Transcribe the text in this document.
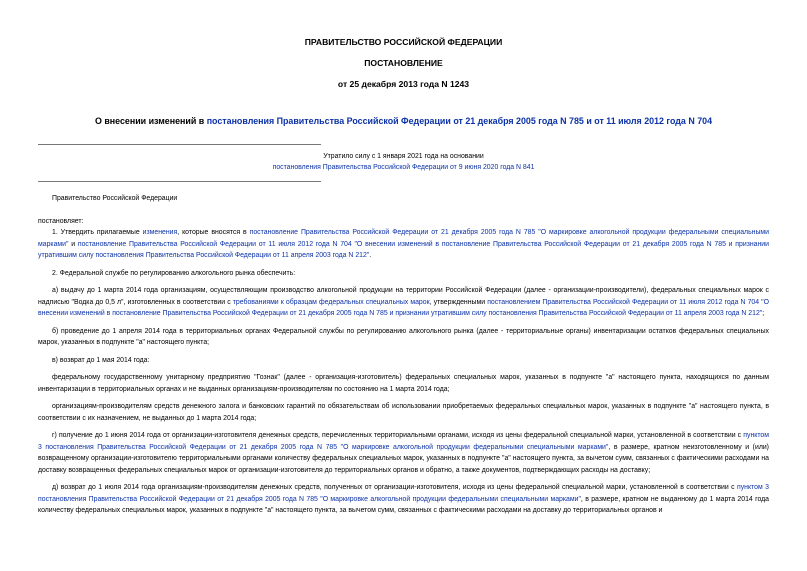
ПРАВИТЕЛЬСТВО РОССИЙСКОЙ ФЕДЕРАЦИИ
ПОСТАНОВЛЕНИЕ
от 25 декабря 2013 года N 1243
О внесении изменений в постановления Правительства Российской Федерации от 21 декабря 2005 года N 785 и от 11 июля 2012 года N 704
Утратило силу с 1 января 2021 года на основании
постановления Правительства Российской Федерации от 9 июня 2020 года N 841

Правительство Российской Федерации

постановляет:

1. Утвердить прилагаемые изменения, которые вносятся в постановление Правительства Российской Федерации от 21 декабря 2005 года N 785 "О маркировке алкогольной продукции федеральными специальными марками" и постановление Правительства Российской Федерации от 11 июля 2012 года N 704 "О внесении изменений в постановление Правительства Российской Федерации от 21 декабря 2005 года N 785 и признании утратившим силу постановления Правительства Российской Федерации от 11 апреля 2003 года N 212".

2. Федеральной службе по регулированию алкогольного рынка обеспечить:

а) выдачу до 1 марта 2014 года организациям, осуществляющим производство алкогольной продукции на территории Российской Федерации (далее - организации-производители), федеральных специальных марок с надписью "Водка до 0,5 л", изготовленных в соответствии с требованиями к образцам федеральных специальных марок, утвержденными постановлением Правительства Российской Федерации от 11 июля 2012 года N 704 "О внесении изменений в постановление Правительства Российской Федерации от 21 декабря 2005 года N 785 и признании утратившим силу постановления Правительства Российской Федерации от 11 апреля 2003 года N 212";

б) проведение до 1 апреля 2014 года в территориальных органах Федеральной службы по регулированию алкогольного рынка (далее - территориальные органы) инвентаризации остатков федеральных специальных марок, указанных в подпункте "а" настоящего пункта;

в) возврат до 1 мая 2014 года:

федеральному государственному унитарному предприятию "Гознак" (далее - организация-изготовитель) федеральных специальных марок, указанных в подпункте "а" настоящего пункта, находящихся по данным инвентаризации в территориальных органах и не выданных организациям-производителям по состоянию на 1 марта 2014 года;

организациям-производителям средств денежного залога и банковских гарантий по обязательствам об использовании приобретаемых федеральных специальных марок, указанных в подпункте "а" настоящего пункта, в соответствии с их назначением, не выданных до 1 марта 2014 года;

г) получение до 1 июня 2014 года от организации-изготовителя денежных средств, перечисленных территориальными органами, исходя из цены федеральной специальной марки, установленной в соответствии с пунктом 3 постановления Правительства Российской Федерации от 21 декабря 2005 года N 785 "О маркировке алкогольной продукции федеральными специальными марками", в размере, кратном неизготовленному и (или) возвращенному организации-изготовителю территориальными органами количеству федеральных специальных марок, указанных в подпункте "а" настоящего пункта, за вычетом сумм, связанных с фактическими расходами на доставку возвращенных федеральных специальных марок от организации-изготовителя до территориальных органов и обратно, а также документов, подтверждающих расходы на доставку;

д) возврат до 1 июля 2014 года организациям-производителям денежных средств, полученных от организации-изготовителя, исходя из цены федеральной специальной марки, установленной в соответствии с пунктом 3 постановления Правительства Российской Федерации от 21 декабря 2005 года N 785 "О маркировке алкогольной продукции федеральными специальными марками", в размере, кратном не выданному до 1 марта 2014 года количеству федеральных специальных марок, указанных в подпункте "а" настоящего пункта, за вычетом сумм, связанных с фактическими расходами на доставку до территориальных органов и
